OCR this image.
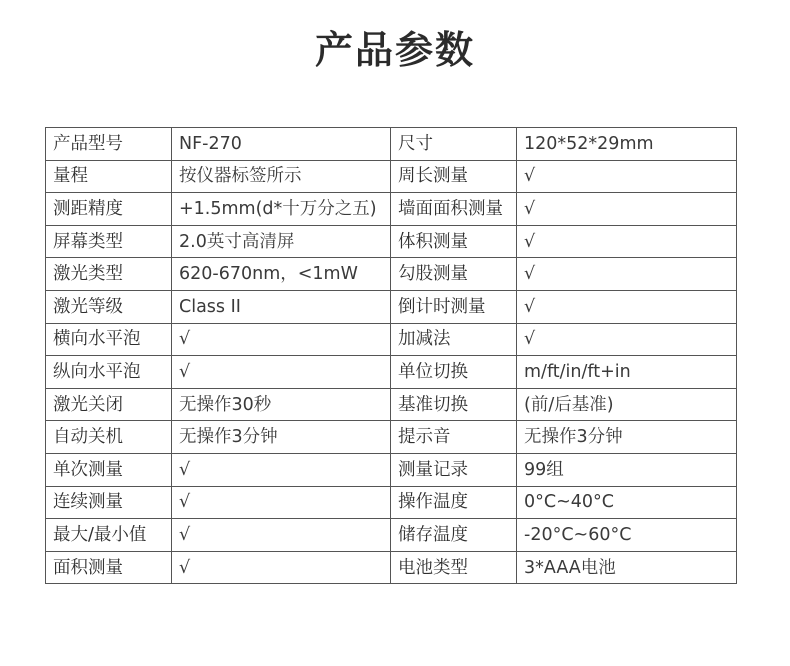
产品参数
产品型号	NF-270	尺寸	120*52*29mm
量程	按仪器标签所示	周长测量	√
测距精度	+1.5mm(d*十万分之五)	墙面面积测量	√
屏幕类型	2.0英寸高清屏	体积测量	√
激光类型	620-670nm，<1mW	勾股测量	√
激光等级	Class II	倒计时测量	√
横向水平泡	√	加减法	√
纵向水平泡	√	单位切换	m/ft/in/ft+in
激光关闭	无操作30秒	基准切换	(前/后基准)
自动关机	无操作3分钟	提示音	无操作3分钟
单次测量	√	测量记录	99组
连续测量	√	操作温度	0°C~40°C
最大/最小值	√	储存温度	-20°C~60°C
面积测量	√	电池类型	3*AAA电池
